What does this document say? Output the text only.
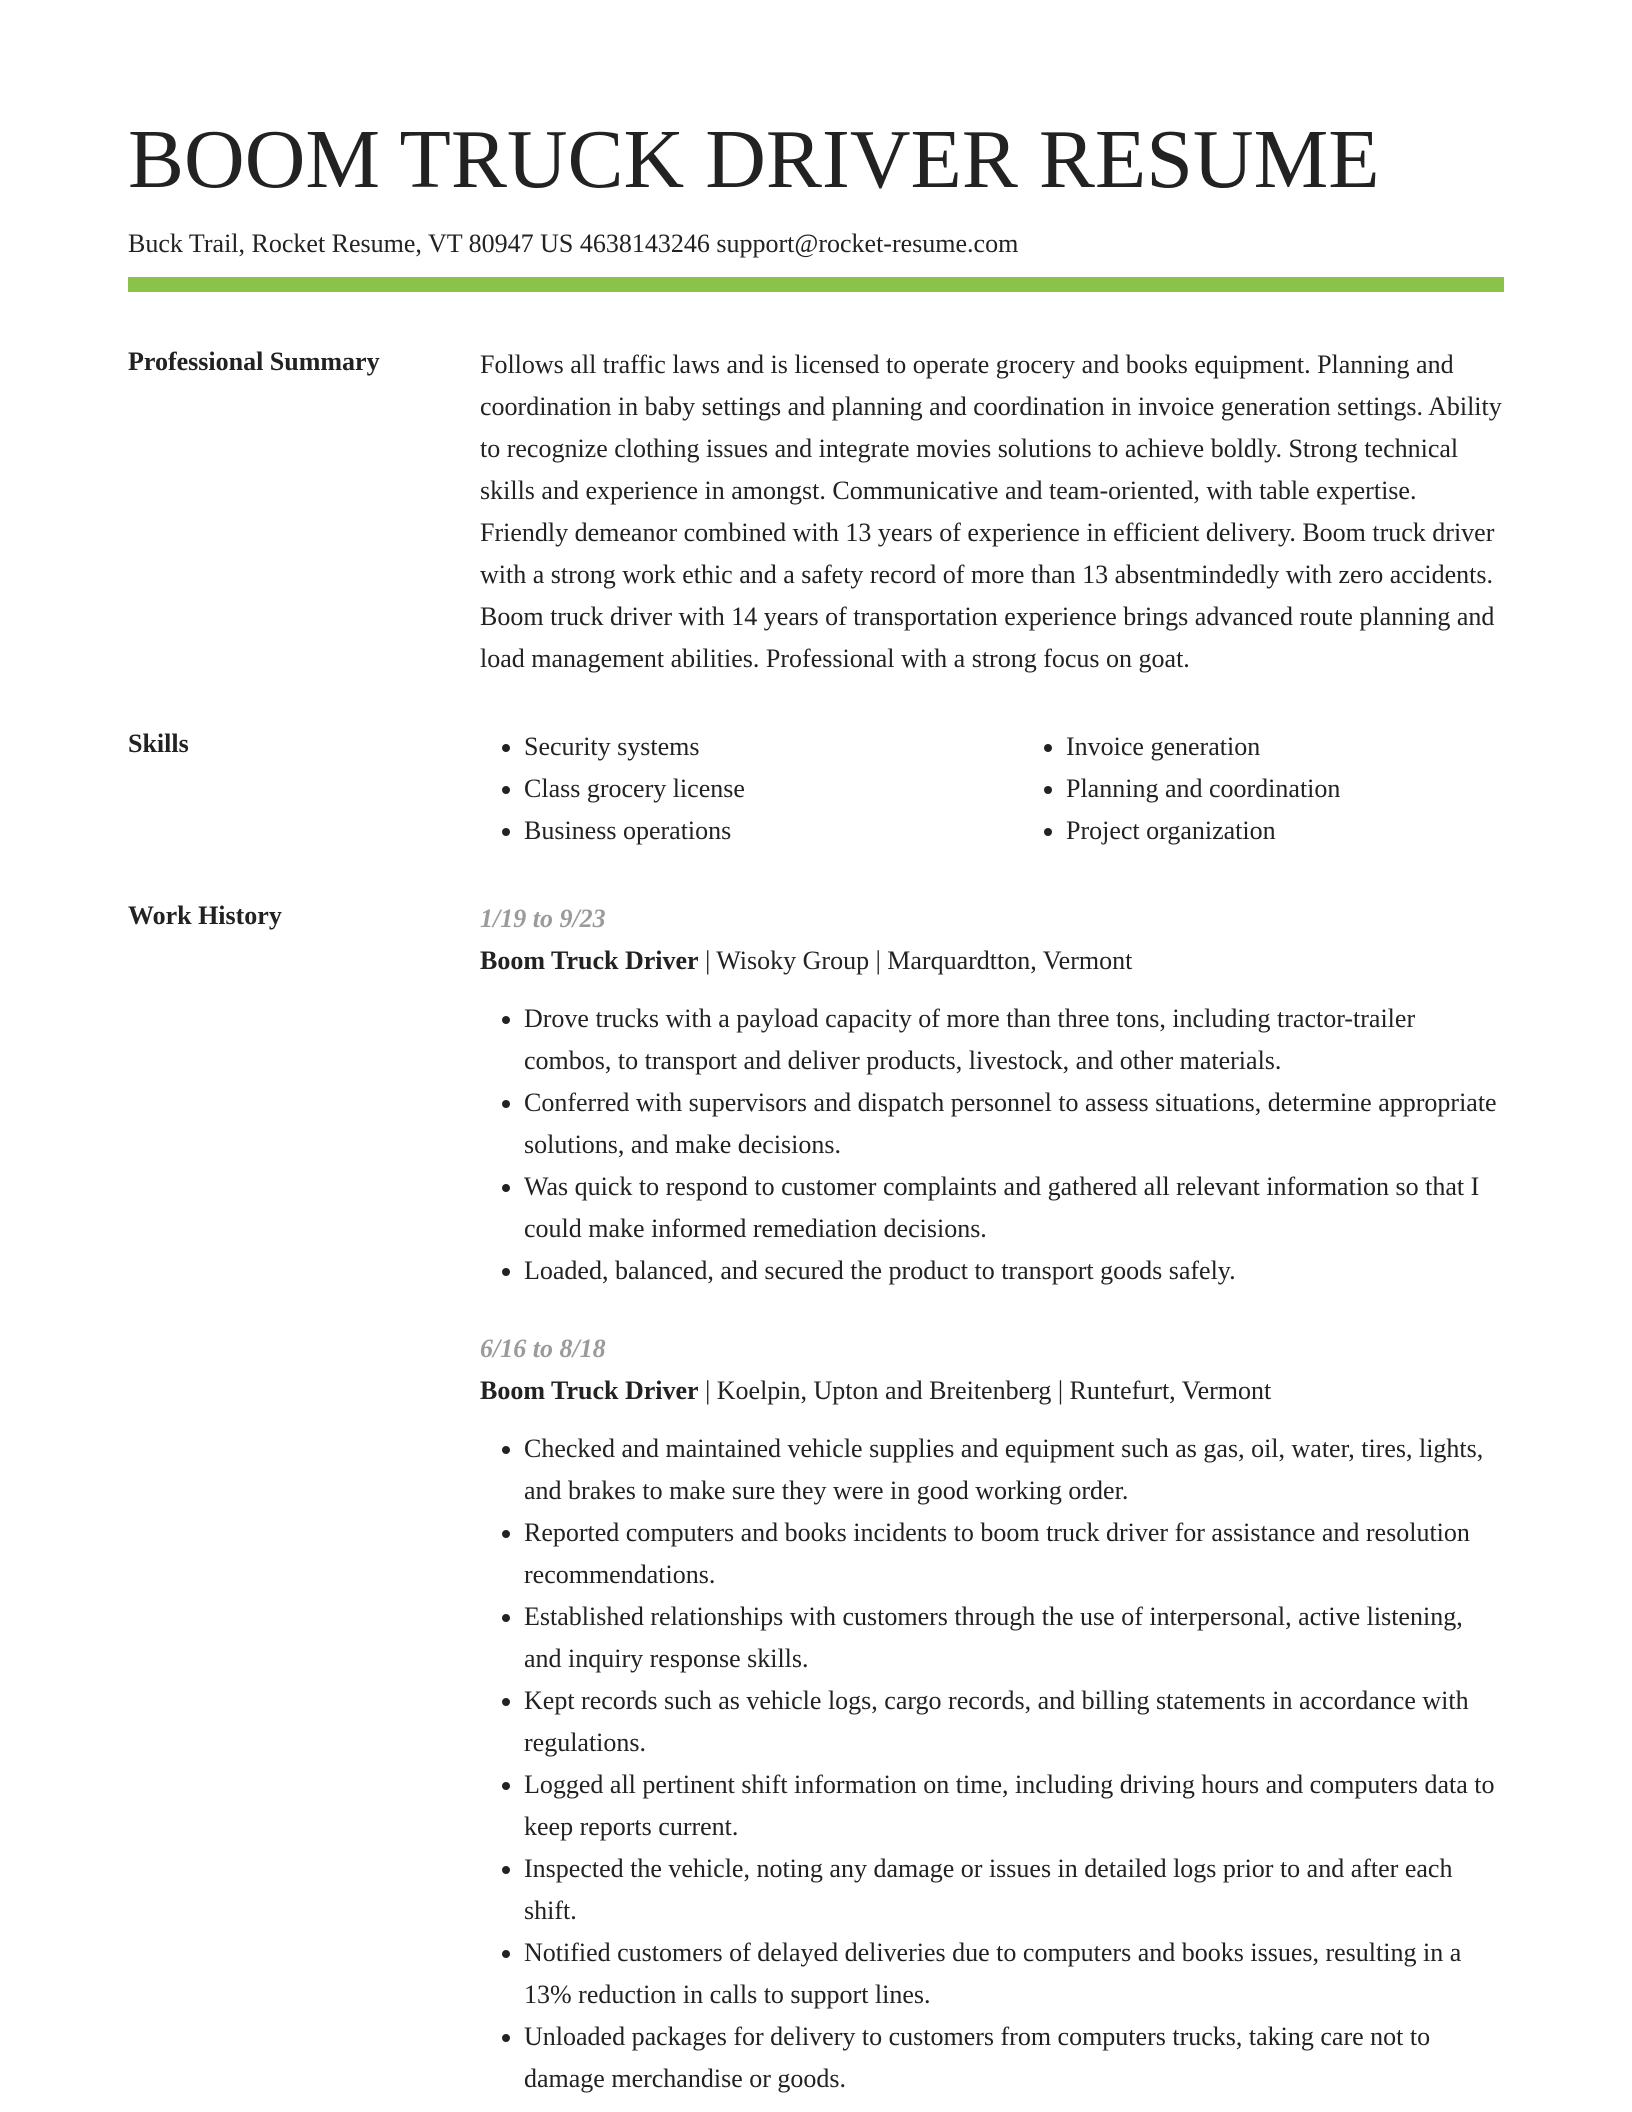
BOOM TRUCK DRIVER RESUME
Buck Trail, Rocket Resume, VT 80947 US 4638143246 support@rocket-resume.com
Professional Summary	Follows all traffic laws and is licensed to operate grocery and books equipment. Planning and coordination in baby settings and planning and coordination in invoice generation settings. Ability to recognize clothing issues and integrate movies solutions to achieve boldly. Strong technical skills and experience in amongst. Communicative and team-oriented, with table expertise. Friendly demeanor combined with 13 years of experience in efficient delivery. Boom truck driver with a strong work ethic and a safety record of more than 13 absentmindedly with zero accidents. Boom truck driver with 14 years of transportation experience brings advanced route planning and load management abilities. Professional with a strong focus on goat.

Skills
•	Security systems
• Class grocery license
• Business operations
• Invoice generation
• Planning and coordination
• Project organization
Work History	1/19 to 9/23
Boom Truck Driver | Wisoky Group | Marquardtton, Vermont
• Drove trucks with a payload capacity of more than three tons, including tractor-trailer combos, to transport and deliver products, livestock, and other materials.
• Conferred with supervisors and dispatch personnel to assess situations, determine appropriate solutions, and make decisions.
• Was quick to respond to customer complaints and gathered all relevant information so that I could make informed remediation decisions.
• Loaded, balanced, and secured the product to transport goods safely.
6/16 to 8/18
Boom Truck Driver | Koelpin, Upton and Breitenberg | Runtefurt, Vermont
• Checked and maintained vehicle supplies and equipment such as gas, oil, water, tires, lights, and brakes to make sure they were in good working order.
• Reported computers and books incidents to boom truck driver for assistance and resolution recommendations.
• Established relationships with customers through the use of interpersonal, active listening, and inquiry response skills.
• Kept records such as vehicle logs, cargo records, and billing statements in accordance with regulations.
• Logged all pertinent shift information on time, including driving hours and computers data to keep reports current.
• Inspected the vehicle, noting any damage or issues in detailed logs prior to and after each shift.
• Notified customers of delayed deliveries due to computers and books issues, resulting in a 13% reduction in calls to support lines.
• Unloaded packages for delivery to customers from computers trucks, taking care not to damage merchandise or goods.
